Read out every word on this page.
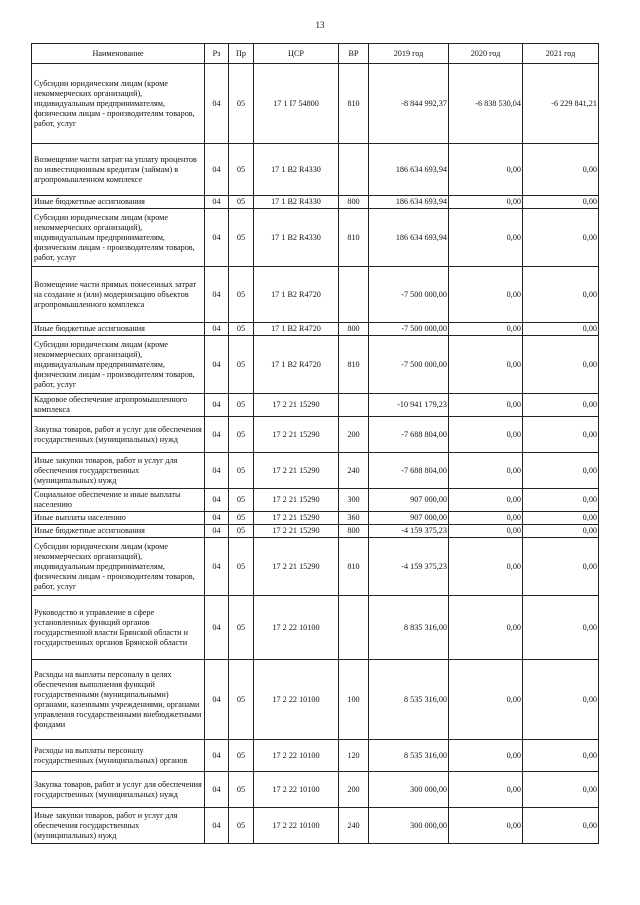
13
Наименование	Рз	Пр	ЦСР	ВР	2019 год	2020 год	2021 год
Субсидии юридическим лицам (кроме некоммерческих организаций), индивидуальным предпринимателям, физическим лицам - производителям товаров, работ, услуг	04	05	17 1 I7 54800	810	-8 844 992,37	-6 838 530,04	-6 229 841,21
Возмещение части затрат на уплату процентов по инвестиционным кредитам (займам) в агропромышленном комплексе	04	05	17 1 B2 R4330		186 634 693,94	0,00	0,00
Иные бюджетные ассигнования	04	05	17 1 B2 R4330	800	186 634 693,94	0,00	0,00
Субсидии юридическим лицам (кроме некоммерческих организаций), индивидуальным предпринимателям, физическим лицам - производителям товаров, работ, услуг	04	05	17 1 B2 R4330	810	186 634 693,94	0,00	0,00
Возмещение части прямых понесенных затрат на создание и (или) модернизацию объектов агропромышленного комплекса	04	05	17 1 B2 R4720		-7 500 000,00	0,00	0,00
Иные бюджетные ассигнования	04	05	17 1 B2 R4720	800	-7 500 000,00	0,00	0,00
Субсидии юридическим лицам (кроме некоммерческих организаций), индивидуальным предпринимателям, физическим лицам - производителям товаров, работ, услуг	04	05	17 1 B2 R4720	810	-7 500 000,00	0,00	0,00
Кадровое обеспечение агропромышленного комплекса	04	05	17 2 21 15290		-10 941 179,23	0,00	0,00
Закупка товаров, работ и услуг для обеспечения государственных (муниципальных) нужд	04	05	17 2 21 15290	200	-7 688 804,00	0,00	0,00
Иные закупки товаров, работ и услуг для обеспечения государственных (муниципальных) нужд	04	05	17 2 21 15290	240	-7 688 804,00	0,00	0,00
Социальное обеспечение и иные выплаты населению	04	05	17 2 21 15290	300	907 000,00	0,00	0,00
Иные выплаты населению	04	05	17 2 21 15290	360	907 000,00	0,00	0,00
Иные бюджетные ассигнования	04	05	17 2 21 15290	800	-4 159 375,23	0,00	0,00
Субсидии юридическим лицам (кроме некоммерческих организаций), индивидуальным предпринимателям, физическим лицам - производителям товаров, работ, услуг	04	05	17 2 21 15290	810	-4 159 375,23	0,00	0,00
Руководство и управление в сфере установленных функций органов государственной власти Брянской области и государственных органов Брянской области	04	05	17 2 22 10100		8 835 316,00	0,00	0,00
Расходы на выплаты персоналу в целях обеспечения выполнения функций государственными (муниципальными) органами, казенными учреждениями, органами управления государственными внебюджетными фондами	04	05	17 2 22 10100	100	8 535 316,00	0,00	0,00
Расходы на выплаты персоналу государственных (муниципальных) органов	04	05	17 2 22 10100	120	8 535 316,00	0,00	0,00
Закупка товаров, работ и услуг для обеспечения государственных (муниципальных) нужд	04	05	17 2 22 10100	200	300 000,00	0,00	0,00
Иные закупки товаров, работ и услуг для обеспечения государственных (муниципальных) нужд	04	05	17 2 22 10100	240	300 000,00	0,00	0,00
